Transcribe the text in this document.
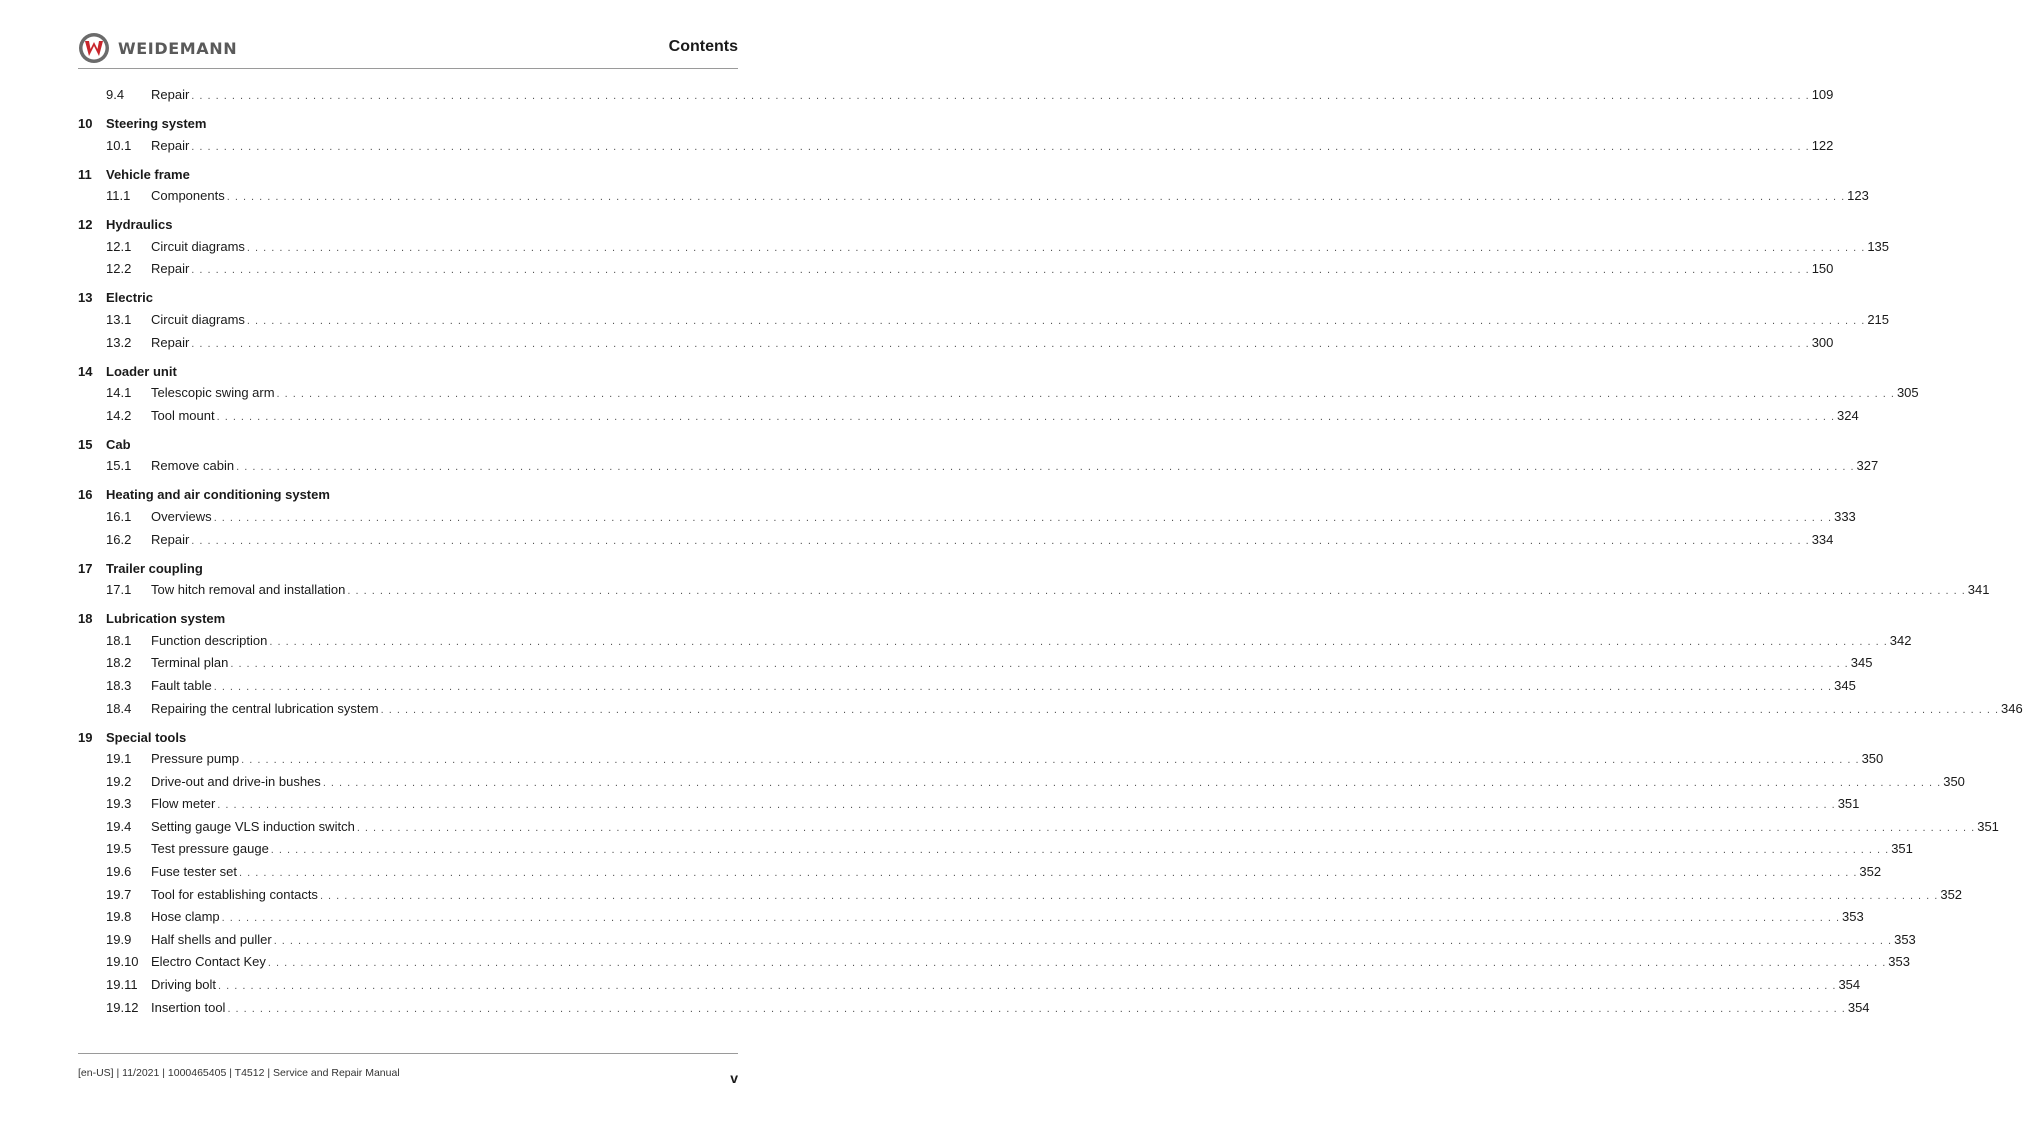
WEIDEMANN	Contents
9.4	Repair . . . . . . . . . . . . . . . . . . . . . . . . . . . . . . . . . . . . . . . . . . . . . . . . . . . . . . . . . . . . . . . . . . . . . . . . . . . . . . . . . . . . . . . . . . . . . . . . . . . . . . . . . . . . . . . . . . . . . . . . . . . . . . . . . . . . . . . . . . . . . . . . . . . . . . . . . . . . . . . . . . . . . . . . . . . . . . . . . . . . . . . . . . . . . . . . . . . . . . . . 109
10	Steering system
10.1	Repair . . . . . . . . . . . . . . . . . . . . . . . . . . . . . . . . . . . . . . . . . . . . . . . . . . . . . . . . . . . . . . . . . . . . . . . . . . . . . . . . . . . . . . . . . . . . . . . . . . . . . . . . . . . . . . . . . . . . . . . . . . . . . . . . . . . . . . . . . . . . . . . . . . . . . . . . . . . . . . . . . . . . . . . . . . . . . . . . . . . . . . . . . . . . . . . . . . . . . . . . 122
11	Vehicle frame
11.1	Components . . . . . . . . . . . . . . . . . . . . . . . . . . . . . . . . . . . . . . . . . . . . . . . . . . . . . . . . . . . . . . . . . . . . . . . . . . . . . . . . . . . . . . . . . . . . . . . . . . . . . . . . . . . . . . . . . . . . . . . . . . . . . . . . . . . . . . . . . . . . . . . . . . . . . . . . . . . . . . . . . . . . . . . . . . . . . . . . . . . . . . . . . . . . . . . . . . . . . . . . 123
12	Hydraulics
12.1	Circuit diagrams . . . . . . . . . . . . . . . . . . . . . . . . . . . . . . . . . . . . . . . . . . . . . . . . . . . . . . . . . . . . . . . . . . . . . . . . . . . . . . . . . . . . . . . . . . . . . . . . . . . . . . . . . . . . . . . . . . . . . . . . . . . . . . . . . . . . . . . . . . . . . . . . . . . . . . . . . . . . . . . . . . . . . . . . . . . . . . . . . . . . . . . . . . . . . . . . . . . . . . . . 135
12.2	Repair . . . . . . . . . . . . . . . . . . . . . . . . . . . . . . . . . . . . . . . . . . . . . . . . . . . . . . . . . . . . . . . . . . . . . . . . . . . . . . . . . . . . . . . . . . . . . . . . . . . . . . . . . . . . . . . . . . . . . . . . . . . . . . . . . . . . . . . . . . . . . . . . . . . . . . . . . . . . . . . . . . . . . . . . . . . . . . . . . . . . . . . . . . . . . . . . . . . . . . . . 150
13	Electric
13.1	Circuit diagrams . . . . . . . . . . . . . . . . . . . . . . . . . . . . . . . . . . . . . . . . . . . . . . . . . . . . . . . . . . . . . . . . . . . . . . . . . . . . . . . . . . . . . . . . . . . . . . . . . . . . . . . . . . . . . . . . . . . . . . . . . . . . . . . . . . . . . . . . . . . . . . . . . . . . . . . . . . . . . . . . . . . . . . . . . . . . . . . . . . . . . . . . . . . . . . . . . . . . . . . . 215
13.2	Repair . . . . . . . . . . . . . . . . . . . . . . . . . . . . . . . . . . . . . . . . . . . . . . . . . . . . . . . . . . . . . . . . . . . . . . . . . . . . . . . . . . . . . . . . . . . . . . . . . . . . . . . . . . . . . . . . . . . . . . . . . . . . . . . . . . . . . . . . . . . . . . . . . . . . . . . . . . . . . . . . . . . . . . . . . . . . . . . . . . . . . . . . . . . . . . . . . . . . . . . . 300
14	Loader unit
14.1	Telescopic swing arm . . . . . . . . . . . . . . . . . . . . . . . . . . . . . . . . . . . . . . . . . . . . . . . . . . . . . . . . . . . . . . . . . . . . . . . . . . . . . . . . . . . . . . . . . . . . . . . . . . . . . . . . . . . . . . . . . . . . . . . . . . . . . . . . . . . . . . . . . . . . . . . . . . . . . . . . . . . . . . . . . . . . . . . . . . . . . . . . . . . . . . . . . . . . . . . . . . . . . . . . 305
14.2	Tool mount . . . . . . . . . . . . . . . . . . . . . . . . . . . . . . . . . . . . . . . . . . . . . . . . . . . . . . . . . . . . . . . . . . . . . . . . . . . . . . . . . . . . . . . . . . . . . . . . . . . . . . . . . . . . . . . . . . . . . . . . . . . . . . . . . . . . . . . . . . . . . . . . . . . . . . . . . . . . . . . . . . . . . . . . . . . . . . . . . . . . . . . . . . . . . . . . . . . . . . . . 324
15	Cab
15.1	Remove cabin . . . . . . . . . . . . . . . . . . . . . . . . . . . . . . . . . . . . . . . . . . . . . . . . . . . . . . . . . . . . . . . . . . . . . . . . . . . . . . . . . . . . . . . . . . . . . . . . . . . . . . . . . . . . . . . . . . . . . . . . . . . . . . . . . . . . . . . . . . . . . . . . . . . . . . . . . . . . . . . . . . . . . . . . . . . . . . . . . . . . . . . . . . . . . . . . . . . . . . . . 327
16	Heating and air conditioning system
16.1	Overviews . . . . . . . . . . . . . . . . . . . . . . . . . . . . . . . . . . . . . . . . . . . . . . . . . . . . . . . . . . . . . . . . . . . . . . . . . . . . . . . . . . . . . . . . . . . . . . . . . . . . . . . . . . . . . . . . . . . . . . . . . . . . . . . . . . . . . . . . . . . . . . . . . . . . . . . . . . . . . . . . . . . . . . . . . . . . . . . . . . . . . . . . . . . . . . . . . . . . . . . . 333
16.2	Repair . . . . . . . . . . . . . . . . . . . . . . . . . . . . . . . . . . . . . . . . . . . . . . . . . . . . . . . . . . . . . . . . . . . . . . . . . . . . . . . . . . . . . . . . . . . . . . . . . . . . . . . . . . . . . . . . . . . . . . . . . . . . . . . . . . . . . . . . . . . . . . . . . . . . . . . . . . . . . . . . . . . . . . . . . . . . . . . . . . . . . . . . . . . . . . . . . . . . . . . . 334
17	Trailer coupling
17.1	Tow hitch removal and installation . . . . . . . . . . . . . . . . . . . . . . . . . . . . . . . . . . . . . . . . . . . . . . . . . . . . . . . . . . . . . . . . . . . . . . . . . . . . . . . . . . . . . . . . . . . . . . . . . . . . . . . . . . . . . . . . . . . . . . . . . . . . . . . . . . . . . . . . . . . . . . . . . . . . . . . . . . . . . . . . . . . . . . . . . . . . . . . . . . . . . . . . . . . . . . . . . . . . . . . . 341
18	Lubrication system
18.1	Function description . . . . . . . . . . . . . . . . . . . . . . . . . . . . . . . . . . . . . . . . . . . . . . . . . . . . . . . . . . . . . . . . . . . . . . . . . . . . . . . . . . . . . . . . . . . . . . . . . . . . . . . . . . . . . . . . . . . . . . . . . . . . . . . . . . . . . . . . . . . . . . . . . . . . . . . . . . . . . . . . . . . . . . . . . . . . . . . . . . . . . . . . . . . . . . . . . . . . . . . . 342
18.2	Terminal plan . . . . . . . . . . . . . . . . . . . . . . . . . . . . . . . . . . . . . . . . . . . . . . . . . . . . . . . . . . . . . . . . . . . . . . . . . . . . . . . . . . . . . . . . . . . . . . . . . . . . . . . . . . . . . . . . . . . . . . . . . . . . . . . . . . . . . . . . . . . . . . . . . . . . . . . . . . . . . . . . . . . . . . . . . . . . . . . . . . . . . . . . . . . . . . . . . . . . . . . . 345
18.3	Fault table . . . . . . . . . . . . . . . . . . . . . . . . . . . . . . . . . . . . . . . . . . . . . . . . . . . . . . . . . . . . . . . . . . . . . . . . . . . . . . . . . . . . . . . . . . . . . . . . . . . . . . . . . . . . . . . . . . . . . . . . . . . . . . . . . . . . . . . . . . . . . . . . . . . . . . . . . . . . . . . . . . . . . . . . . . . . . . . . . . . . . . . . . . . . . . . . . . . . . . . . 345
18.4	Repairing the central lubrication system . . . . . . . . . . . . . . . . . . . . . . . . . . . . . . . . . . . . . . . . . . . . . . . . . . . . . . . . . . . . . . . . . . . . . . . . . . . . . . . . . . . . . . . . . . . . . . . . . . . . . . . . . . . . . . . . . . . . . . . . . . . . . . . . . . . . . . . . . . . . . . . . . . . . . . . . . . . . . . . . . . . . . . . . . . . . . . . . . . . . . . . . . . . . . . . . . . . . . . . . 346
19	Special tools
19.1	Pressure pump . . . . . . . . . . . . . . . . . . . . . . . . . . . . . . . . . . . . . . . . . . . . . . . . . . . . . . . . . . . . . . . . . . . . . . . . . . . . . . . . . . . . . . . . . . . . . . . . . . . . . . . . . . . . . . . . . . . . . . . . . . . . . . . . . . . . . . . . . . . . . . . . . . . . . . . . . . . . . . . . . . . . . . . . . . . . . . . . . . . . . . . . . . . . . . . . . . . . . . . . 350
19.2	Drive-out and drive-in bushes . . . . . . . . . . . . . . . . . . . . . . . . . . . . . . . . . . . . . . . . . . . . . . . . . . . . . . . . . . . . . . . . . . . . . . . . . . . . . . . . . . . . . . . . . . . . . . . . . . . . . . . . . . . . . . . . . . . . . . . . . . . . . . . . . . . . . . . . . . . . . . . . . . . . . . . . . . . . . . . . . . . . . . . . . . . . . . . . . . . . . . . . . . . . . . . . . . . . . . . . 350
19.3	Flow meter . . . . . . . . . . . . . . . . . . . . . . . . . . . . . . . . . . . . . . . . . . . . . . . . . . . . . . . . . . . . . . . . . . . . . . . . . . . . . . . . . . . . . . . . . . . . . . . . . . . . . . . . . . . . . . . . . . . . . . . . . . . . . . . . . . . . . . . . . . . . . . . . . . . . . . . . . . . . . . . . . . . . . . . . . . . . . . . . . . . . . . . . . . . . . . . . . . . . . . . . 351
19.4	Setting gauge VLS induction switch . . . . . . . . . . . . . . . . . . . . . . . . . . . . . . . . . . . . . . . . . . . . . . . . . . . . . . . . . . . . . . . . . . . . . . . . . . . . . . . . . . . . . . . . . . . . . . . . . . . . . . . . . . . . . . . . . . . . . . . . . . . . . . . . . . . . . . . . . . . . . . . . . . . . . . . . . . . . . . . . . . . . . . . . . . . . . . . . . . . . . . . . . . . . . . . . . . . . . . . . 351
19.5	Test pressure gauge . . . . . . . . . . . . . . . . . . . . . . . . . . . . . . . . . . . . . . . . . . . . . . . . . . . . . . . . . . . . . . . . . . . . . . . . . . . . . . . . . . . . . . . . . . . . . . . . . . . . . . . . . . . . . . . . . . . . . . . . . . . . . . . . . . . . . . . . . . . . . . . . . . . . . . . . . . . . . . . . . . . . . . . . . . . . . . . . . . . . . . . . . . . . . . . . . . . . . . . . 351
19.6	Fuse tester set . . . . . . . . . . . . . . . . . . . . . . . . . . . . . . . . . . . . . . . . . . . . . . . . . . . . . . . . . . . . . . . . . . . . . . . . . . . . . . . . . . . . . . . . . . . . . . . . . . . . . . . . . . . . . . . . . . . . . . . . . . . . . . . . . . . . . . . . . . . . . . . . . . . . . . . . . . . . . . . . . . . . . . . . . . . . . . . . . . . . . . . . . . . . . . . . . . . . . . . . 352
19.7	Tool for establishing contacts . . . . . . . . . . . . . . . . . . . . . . . . . . . . . . . . . . . . . . . . . . . . . . . . . . . . . . . . . . . . . . . . . . . . . . . . . . . . . . . . . . . . . . . . . . . . . . . . . . . . . . . . . . . . . . . . . . . . . . . . . . . . . . . . . . . . . . . . . . . . . . . . . . . . . . . . . . . . . . . . . . . . . . . . . . . . . . . . . . . . . . . . . . . . . . . . . . . . . . . . 352
19.8	Hose clamp . . . . . . . . . . . . . . . . . . . . . . . . . . . . . . . . . . . . . . . . . . . . . . . . . . . . . . . . . . . . . . . . . . . . . . . . . . . . . . . . . . . . . . . . . . . . . . . . . . . . . . . . . . . . . . . . . . . . . . . . . . . . . . . . . . . . . . . . . . . . . . . . . . . . . . . . . . . . . . . . . . . . . . . . . . . . . . . . . . . . . . . . . . . . . . . . . . . . . . . . 353
19.9	Half shells and puller . . . . . . . . . . . . . . . . . . . . . . . . . . . . . . . . . . . . . . . . . . . . . . . . . . . . . . . . . . . . . . . . . . . . . . . . . . . . . . . . . . . . . . . . . . . . . . . . . . . . . . . . . . . . . . . . . . . . . . . . . . . . . . . . . . . . . . . . . . . . . . . . . . . . . . . . . . . . . . . . . . . . . . . . . . . . . . . . . . . . . . . . . . . . . . . . . . . . . . . . 353
19.10 Electro Contact Key . . . . . . . . . . . . . . . . . . . . . . . . . . . . . . . . . . . . . . . . . . . . . . . . . . . . . . . . . . . . . . . . . . . . . . . . . . . . . . . . . . . . . . . . . . . . . . . . . . . . . . . . . . . . . . . . . . . . . . . . . . . . . . . . . . . . . . . . . . . . . . . . . . . . . . . . . . . . . . . . . . . . . . . . . . . . . . . . . . . . . . . . . . . . . . . . . . . . . . . . 353
19.11	Driving bolt . . . . . . . . . . . . . . . . . . . . . . . . . . . . . . . . . . . . . . . . . . . . . . . . . . . . . . . . . . . . . . . . . . . . . . . . . . . . . . . . . . . . . . . . . . . . . . . . . . . . . . . . . . . . . . . . . . . . . . . . . . . . . . . . . . . . . . . . . . . . . . . . . . . . . . . . . . . . . . . . . . . . . . . . . . . . . . . . . . . . . . . . . . . . . . . . . . . . . . . . 354
19.12 Insertion tool . . . . . . . . . . . . . . . . . . . . . . . . . . . . . . . . . . . . . . . . . . . . . . . . . . . . . . . . . . . . . . . . . . . . . . . . . . . . . . . . . . . . . . . . . . . . . . . . . . . . . . . . . . . . . . . . . . . . . . . . . . . . . . . . . . . . . . . . . . . . . . . . . . . . . . . . . . . . . . . . . . . . . . . . . . . . . . . . . . . . . . . . . . . . . . . . . . . . . . . . 354
[en-US] | 11/2021 | 1000465405 | T4512 | Service and Repair Manual	v
